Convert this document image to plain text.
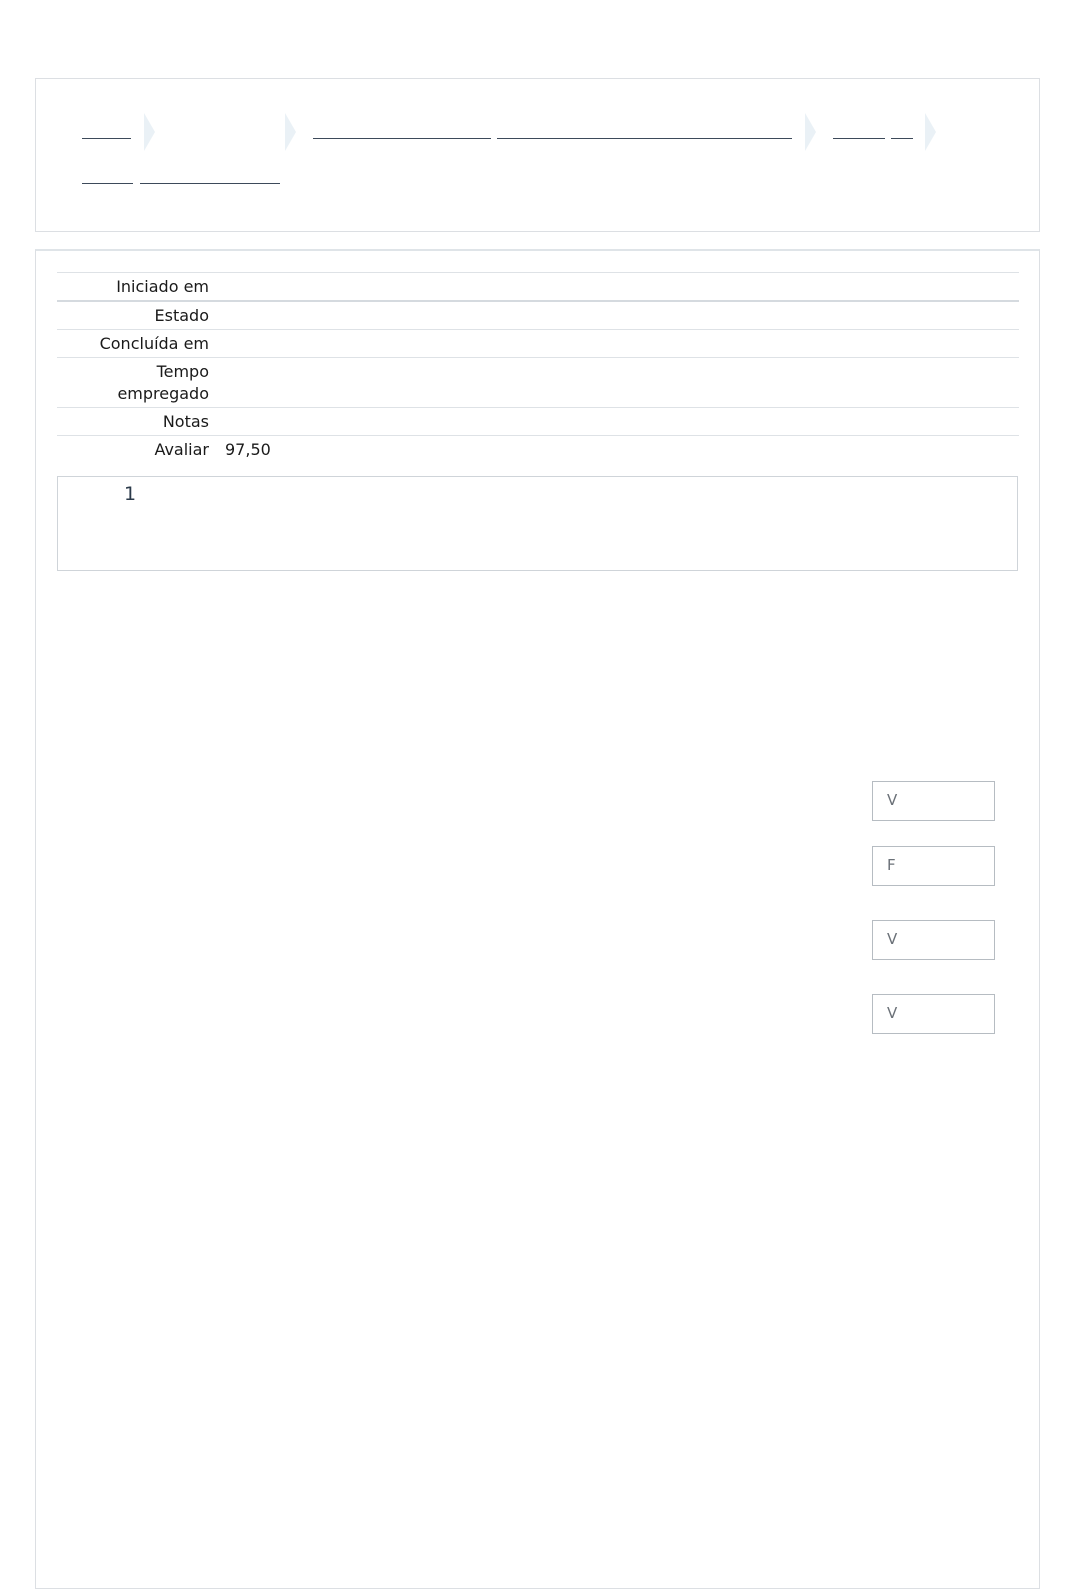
Iniciado em	
Estado	
Concluída em	
Tempo empregado	
Notas	
Avaliar	97,50
1
V
F
V
V
